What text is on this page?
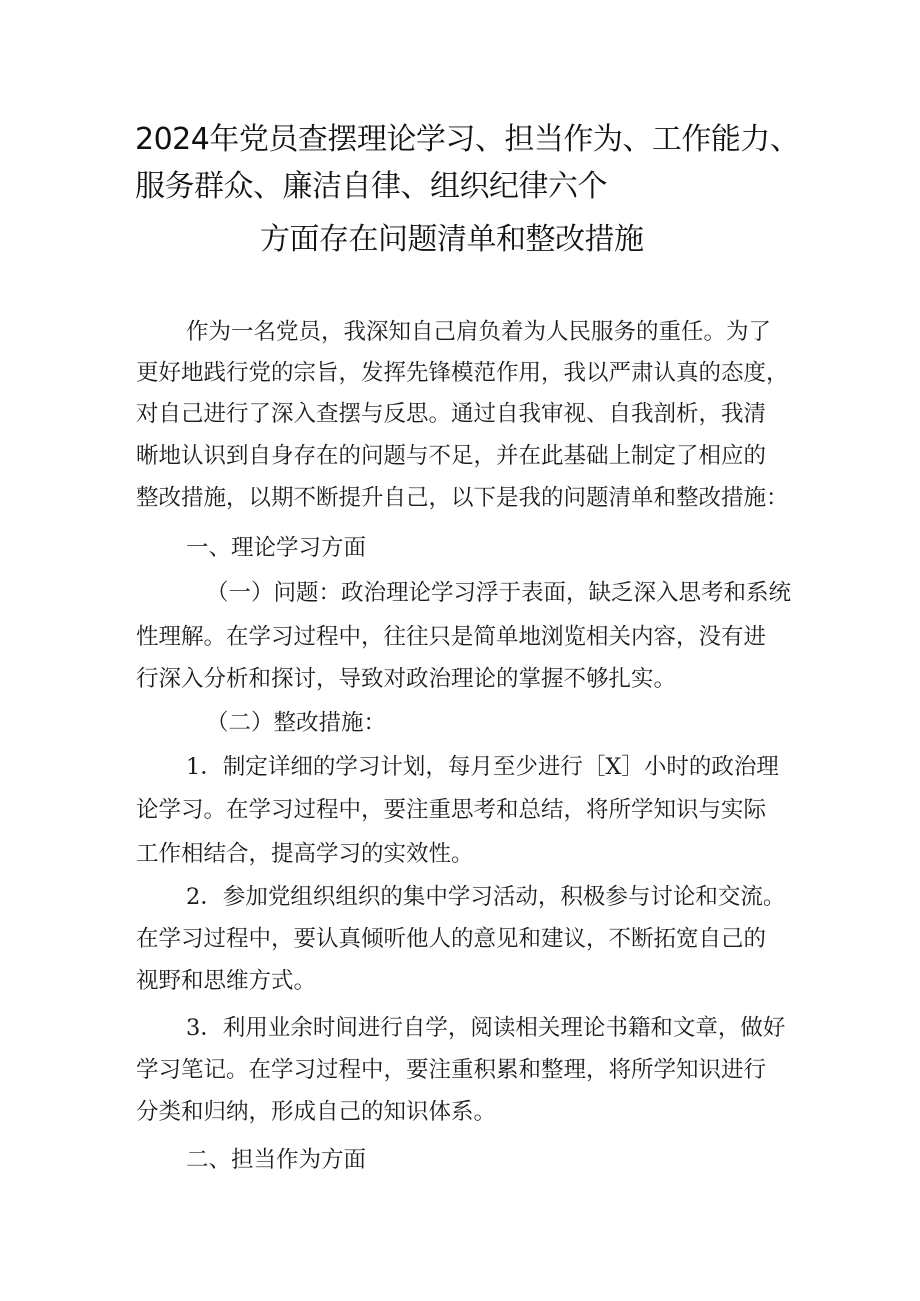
2024年党员查摆理论学习、担当作为、工作能力、
服务群众、廉洁自律、组织纪律六个
方面存在问题清单和整改措施
作为一名党员，我深知自己肩负着为人民服务的重任。为了
更好地践行党的宗旨，发挥先锋模范作用，我以严肃认真的态度，
对自己进行了深入查摆与反思。通过自我审视、自我剖析，我清
晰地认识到自身存在的问题与不足，并在此基础上制定了相应的
整改措施，以期不断提升自己，以下是我的问题清单和整改措施：
一、理论学习方面
（一）问题：政治理论学习浮于表面，缺乏深入思考和系统
性理解。在学习过程中，往往只是简单地浏览相关内容，没有进
行深入分析和探讨，导致对政治理论的掌握不够扎实。
（二）整改措施：
1．制定详细的学习计划，每月至少进行［X］小时的政治理
论学习。在学习过程中，要注重思考和总结，将所学知识与实际
工作相结合，提高学习的实效性。
2．参加党组织组织的集中学习活动，积极参与讨论和交流。
在学习过程中，要认真倾听他人的意见和建议，不断拓宽自己的
视野和思维方式。
3．利用业余时间进行自学，阅读相关理论书籍和文章，做好
学习笔记。在学习过程中，要注重积累和整理，将所学知识进行
分类和归纳，形成自己的知识体系。
二、担当作为方面
